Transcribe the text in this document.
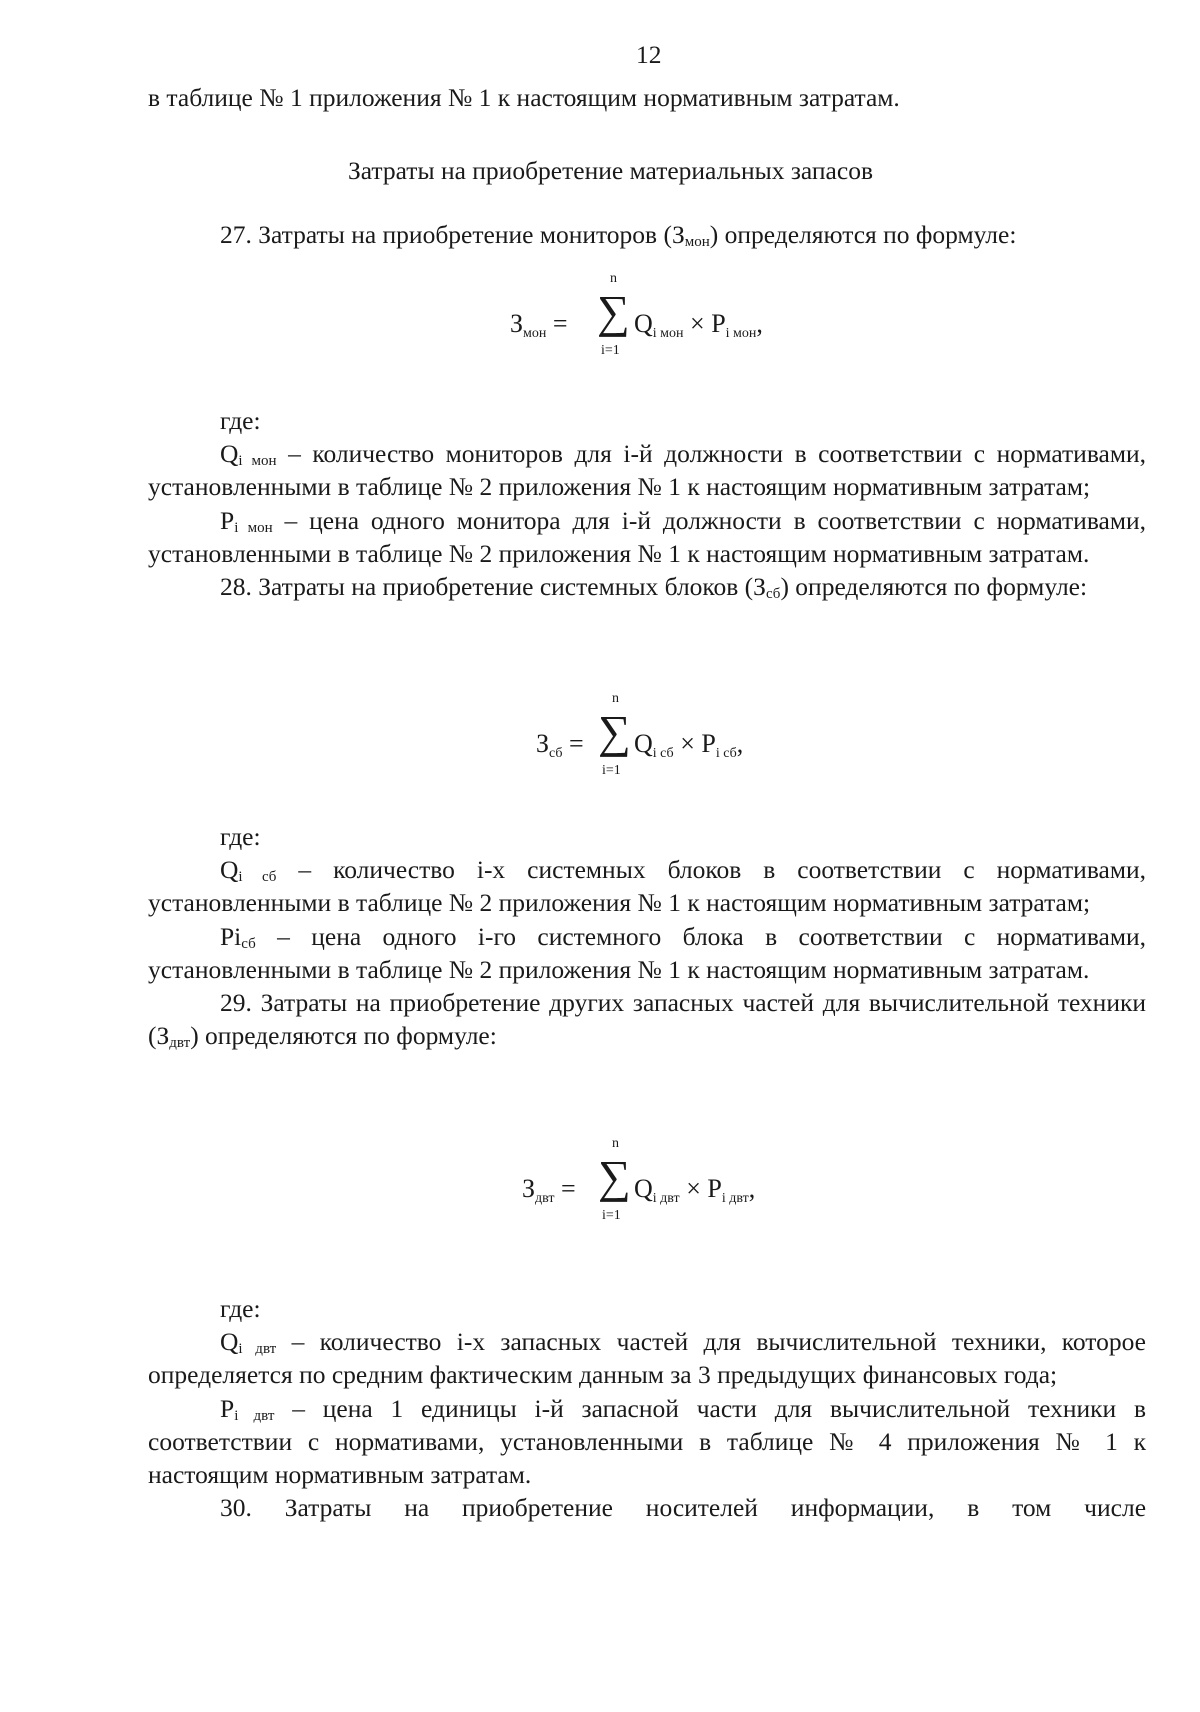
12
в таблице № 1 приложения № 1 к настоящим нормативным затратам.
Затраты на приобретение материальных запасов

27. Затраты на приобретение мониторов $(З_{мон})$ определяются по формуле:

$З_{мон}$ =
n
∑
i=1
$Q_{i мон} \times P_{i мон}$,

где:

$Q_{i мон}$ – количество мониторов для i-й должности в соответствии с нормативами, установленными в таблице № 2 приложения № 1 к настоящим нормативным затратам;

$P_{i мон}$ – цена одного монитора для i-й должности в соответствии с нормативами, установленными в таблице № 2 приложения № 1 к настоящим нормативным затратам.

28. Затраты на приобретение системных блоков $(З_{сб})$ определяются по формуле:

$З_{сб}$ =
n
∑
i=1
$Q_{i сб} \times P_{i сб}$,

где:

$Q_{i сб}$ – количество i-х системных блоков в соответствии с нормативами, установленными в таблице № 2 приложения № 1 к настоящим нормативным затратам;

$Pi_{сб}$ – цена одного i-го системного блока в соответствии с нормативами, установленными в таблице № 2 приложения № 1 к настоящим нормативным затратам.

29. Затраты на приобретение других запасных частей для вычислительной техники $(З_{двт})$ определяются по формуле:

$З_{двт}$ =
n
∑
i=1
$Q_{i двт} \times P_{i двт}$,

где:

$Q_{i двт}$ – количество i-х запасных частей для вычислительной техники, которое определяется по средним фактическим данным за 3 предыдущих финансовых года;

$P_{i двт}$ – цена 1 единицы i-й запасной части для вычислительной техники в соответствии с нормативами, установленными в таблице № 4 приложения № 1 к настоящим нормативным затратам.

30. Затраты на приобретение носителей информации, в том числе
